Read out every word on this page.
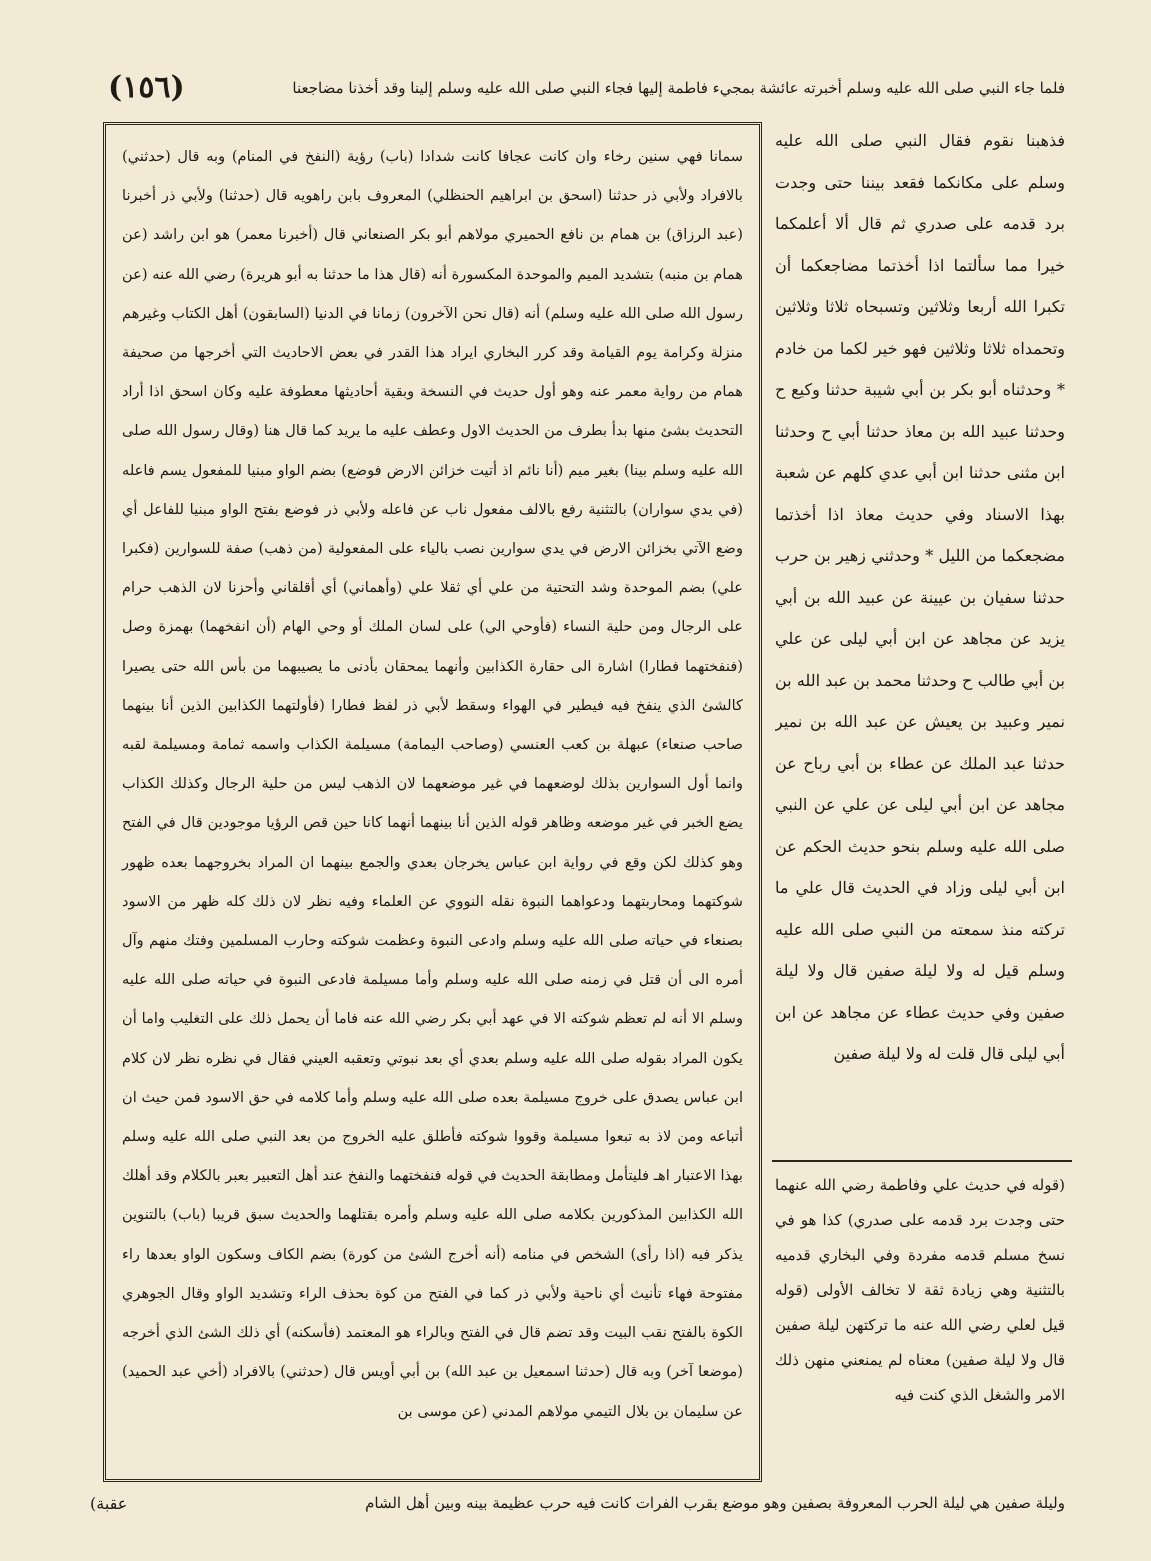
فلما جاء النبي صلى الله عليه وسلم أخبرته عائشة بمجيء فاطمة إليها فجاء النبي صلى الله عليه وسلم إلينا وقد أخذنا مضاجعنا
(١٥٦)

سمانا فهي سنين رخاء وان كانت عجافا كانت شدادا (باب) رؤية (النفخ في المنام) وبه قال (حدثني) بالافراد ولأبي ذر حدثنا (اسحق بن ابراهيم الحنظلي) المعروف بابن راهويه قال (حدثنا) ولأبي ذر أخبرنا (عبد الرزاق) بن همام بن نافع الحميري مولاهم أبو بكر الصنعاني قال (أخبرنا معمر) هو ابن راشد (عن همام بن منبه) بتشديد الميم والموحدة المكسورة أنه (قال هذا ما حدثنا به أبو هريرة) رضي الله عنه (عن رسول الله صلى الله عليه وسلم) أنه (قال نحن الآخرون) زمانا في الدنيا (السابقون) أهل الكتاب وغيرهم منزلة وكرامة يوم القيامة وقد كرر البخاري ايراد هذا القدر في بعض الاحاديث التي أخرجها من صحيفة همام من رواية معمر عنه وهو أول حديث في النسخة وبقية أحاديثها معطوفة عليه وكان اسحق اذا أراد التحديث بشئ منها بدأ بطرف من الحديث الاول وعطف عليه ما يريد كما قال هنا (وقال رسول الله صلى الله عليه وسلم بينا) بغير ميم (أنا نائم اذ أتيت خزائن الارض فوضع) بضم الواو مبنيا للمفعول يسم فاعله (في يدي سواران) بالتثنية رفع بالالف مفعول ناب عن فاعله ولأبي ذر فوضع بفتح الواو مبنيا للفاعل أي وضع الآتي بخزائن الارض في يدي سوارين نصب بالياء على المفعولية (من ذهب) صفة للسوارين (فكبرا علي) بضم الموحدة وشد التحتية من علي أي ثقلا علي (وأهماني) أي أقلقاني وأحزنا لان الذهب حرام على الرجال ومن حلية النساء (فأوحي الي) على لسان الملك أو وحي الهام (أن انفخهما) بهمزة وصل (فنفختهما فطارا) اشارة الى حقارة الكذابين وأنهما يمحقان بأدنى ما يصيبهما من بأس الله حتى يصيرا كالشئ الذي ينفخ فيه فيطير في الهواء وسقط لأبي ذر لفظ فطارا (فأولتهما الكذابين الذين أنا بينهما صاحب صنعاء) عبهلة بن كعب العنسي (وصاحب اليمامة) مسيلمة الكذاب واسمه ثمامة ومسيلمة لقبه وانما أول السوارين بذلك لوضعهما في غير موضعهما لان الذهب ليس من حلية الرجال وكذلك الكذاب يضع الخبر في غير موضعه وظاهر قوله الذين أنا بينهما أنهما كانا حين قص الرؤيا موجودين قال في الفتح وهو كذلك لكن وقع في رواية ابن عباس يخرجان بعدي والجمع بينهما ان المراد بخروجهما بعده ظهور شوكتهما ومحاربتهما ودعواهما النبوة نقله النووي عن العلماء وفيه نظر لان ذلك كله ظهر من الاسود بصنعاء في حياته صلى الله عليه وسلم وادعى النبوة وعظمت شوكته وحارب المسلمين وفتك منهم وآل أمره الى أن قتل في زمنه صلى الله عليه وسلم وأما مسيلمة فادعى النبوة في حياته صلى الله عليه وسلم الا أنه لم تعظم شوكته الا في عهد أبي بكر رضي الله عنه فاما أن يحمل ذلك على التغليب واما أن يكون المراد بقوله صلى الله عليه وسلم بعدي أي بعد نبوتي وتعقبه العيني فقال في نظره نظر لان كلام ابن عباس يصدق على خروج مسيلمة بعده صلى الله عليه وسلم وأما كلامه في حق الاسود فمن حيث ان أتباعه ومن لاذ به تبعوا مسيلمة وقووا شوكته فأطلق عليه الخروج من بعد النبي صلى الله عليه وسلم بهذا الاعتبار اهـ فليتأمل ومطابقة الحديث في قوله فنفختهما والنفخ عند أهل التعبير بعبر بالكلام وقد أهلك الله الكذابين المذكورين بكلامه صلى الله عليه وسلم وأمره بقتلهما والحديث سبق قريبا (باب) بالتنوين يذكر فيه (اذا رأى) الشخص في منامه (أنه أخرج الشئ من كورة) بضم الكاف وسكون الواو بعدها راء مفتوحة فهاء تأنيث أي ناحية ولأبي ذر كما في الفتح من كوة بحذف الراء وتشديد الواو وقال الجوهري الكوة بالفتح نقب البيت وقد تضم قال في الفتح وبالراء هو المعتمد (فأسكنه) أي ذلك الشئ الذي أخرجه (موضعا آخر) وبه قال (حدثنا اسمعيل بن عبد الله) بن أبي أويس قال (حدثني) بالافراد (أخي عبد الحميد) عن سليمان بن بلال التيمي مولاهم المدني (عن موسى بن

فذهبنا نقوم فقال النبي صلى الله عليه وسلم على مكانكما فقعد بيننا حتى وجدت برد قدمه على صدري ثم قال ألا أعلمكما خيرا مما سألتما اذا أخذتما مضاجعكما أن تكبرا الله أربعا وثلاثين وتسبحاه ثلاثا وثلاثين وتحمداه ثلاثا وثلاثين فهو خير لكما من خادم * وحدثناه أبو بكر بن أبي شيبة حدثنا وكيع ح وحدثنا عبيد الله بن معاذ حدثنا أبي ح وحدثنا ابن مثنى حدثنا ابن أبي عدي كلهم عن شعبة بهذا الاسناد وفي حديث معاذ اذا أخذتما مضجعكما من الليل * وحدثني زهير بن حرب حدثنا سفيان بن عيينة عن عبيد الله بن أبي يزيد عن مجاهد عن ابن أبي ليلى عن علي بن أبي طالب ح وحدثنا محمد بن عبد الله بن نمير وعبيد بن يعيش عن عبد الله بن نمير حدثنا عبد الملك عن عطاء بن أبي رباح عن مجاهد عن ابن أبي ليلى عن علي عن النبي صلى الله عليه وسلم بنحو حديث الحكم عن ابن أبي ليلى وزاد في الحديث قال علي ما تركته منذ سمعته من النبي صلى الله عليه وسلم قيل له ولا ليلة صفين قال ولا ليلة صفين وفي حديث عطاء عن مجاهد عن ابن أبي ليلى قال قلت له ولا ليلة صفين

(قوله في حديث علي وفاطمة رضي الله عنهما حتى وجدت برد قدمه على صدري) كذا هو في نسخ مسلم قدمه مفردة وفي البخاري قدميه بالتثنية وهي زيادة ثقة لا تخالف الأولى (قوله قيل لعلي رضي الله عنه ما تركتهن ليلة صفين قال ولا ليلة صفين) معناه لم يمنعني منهن ذلك الامر والشغل الذي كنت فيه

وليلة صفين هي ليلة الحرب المعروفة بصفين وهو موضع بقرب الفرات كانت فيه حرب عظيمة بينه وبين أهل الشام
عقبة)
